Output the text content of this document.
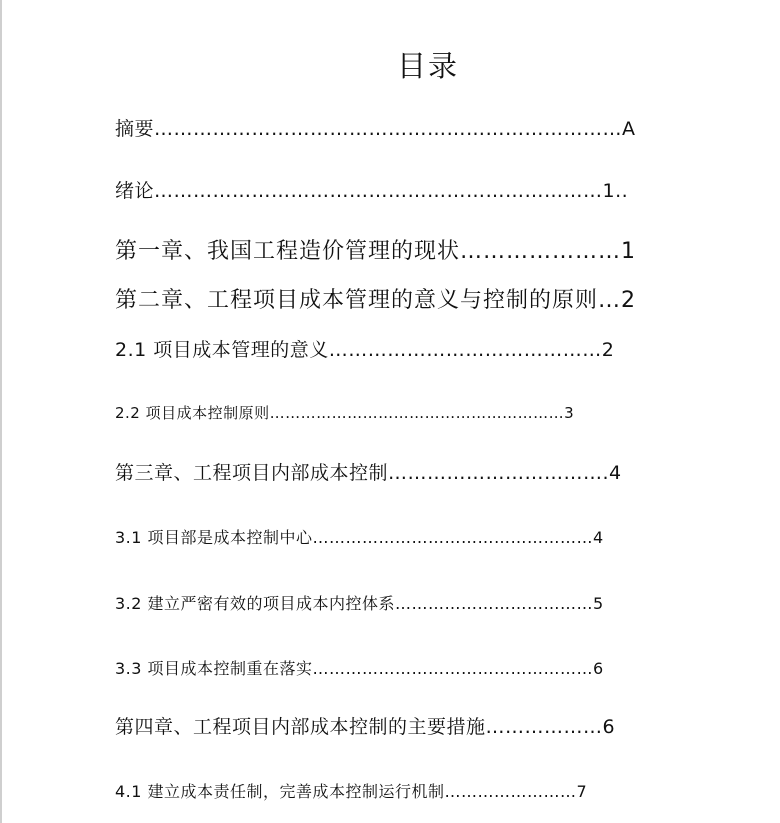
目录
摘要………………………………………………………………A
绪论……………………………………………………………1..
第一章、我国工程造价管理的现状…………………1
第二章、工程项目成本管理的意义与控制的原则…2
2.1 项目成本管理的意义……………………………………2
2.2 项目成本控制原则…………………………………………………3
第三章、工程项目内部成本控制…………………………….4
3.1 项目部是成本控制中心……………………………………………4
3.2 建立严密有效的项目成本内控体系………………………………5
3.3 项目成本控制重在落实……………………………………………6
第四章、工程项目内部成本控制的主要措施………………6
4.1 建立成本责任制，完善成本控制运行机制……………………7
